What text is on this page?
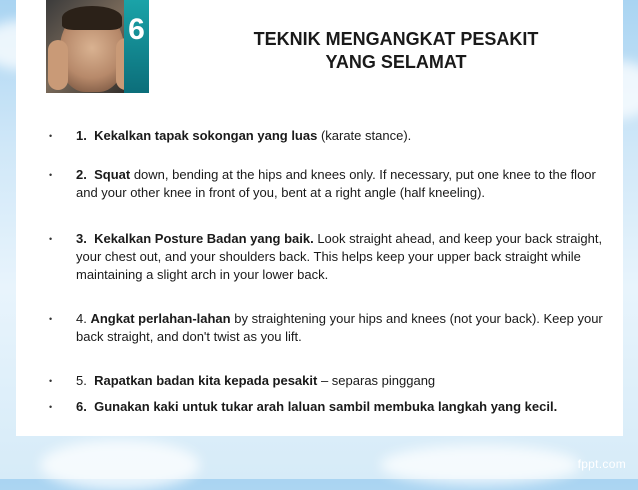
6	TEKNIK MENGANGKAT PESAKIT
YANG SELAMAT
• 1. Kekalkan tapak sokongan yang luas (karate stance).
• 2. Squat down, bending at the hips and knees only. If necessary, put one knee to the floor and your other knee in front of you, bent at a right angle (half kneeling).
• 3. Kekalkan Posture Badan yang baik. Look straight ahead, and keep your back straight, your chest out, and your shoulders back. This helps keep your upper back straight while maintaining a slight arch in your lower back.
• 4. Angkat perlahan-lahan by straightening your hips and knees (not your back). Keep your back straight, and don't twist as you lift.
• 5. Rapatkan badan kita kepada pesakit – separas pinggang
• 6. Gunakan kaki untuk tukar arah laluan sambil membuka langkah yang kecil.
fppt.com
